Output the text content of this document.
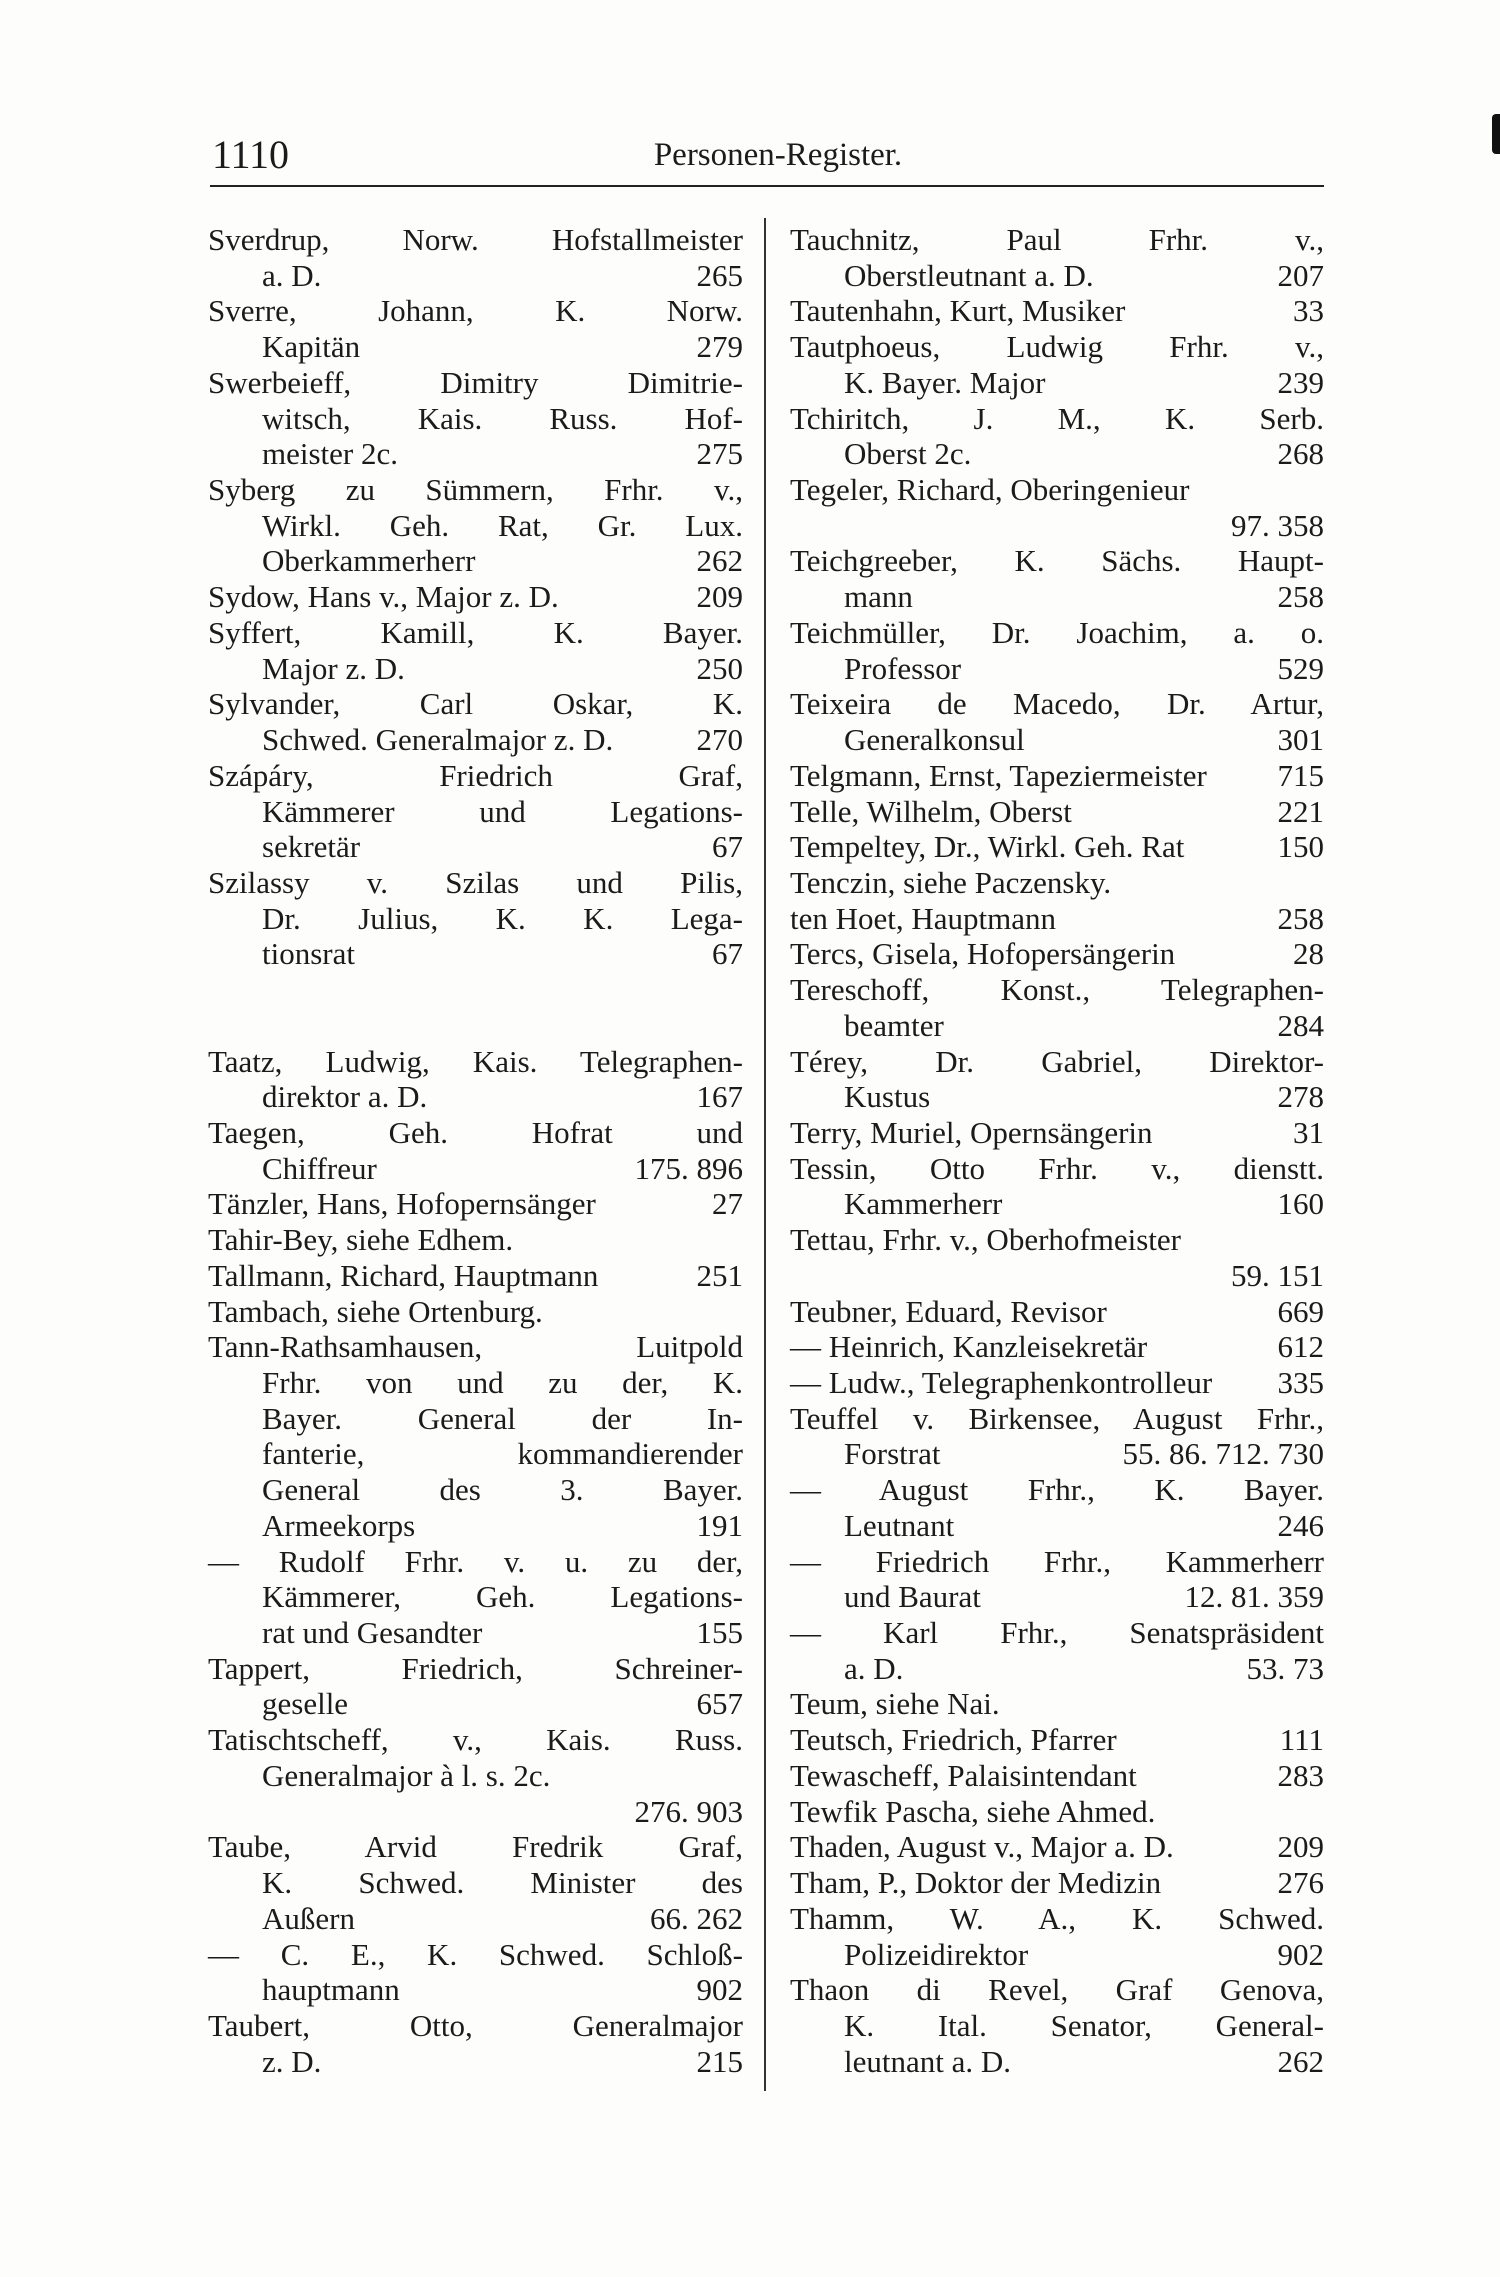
1110	Personen-Register.
Sverdrup, Norw. Hofstallmeister
a. D.	265
Sverre, Johann, K. Norw.
Kapitän	279
Swerbeieff, Dimitry Dimitrie-
witsch, Kais. Russ. Hof-
meister 2c.	275
Syberg zu Sümmern, Frhr. v.,
Wirkl. Geh. Rat, Gr. Lux.
Oberkammerherr	262
Sydow, Hans v., Major z. D.	209
Syffert, Kamill, K. Bayer.
Major z. D.	250
Sylvander, Carl Oskar, K.
Schwed. Generalmajor z. D.	270
Szápáry, Friedrich Graf,
Kämmerer und Legations-
sekretär	67
Szilassy v. Szilas und Pilis,
Dr. Julius, K. K. Lega-
tionsrat	67
Taatz, Ludwig, Kais. Telegraphen-
direktor a. D.	167
Taegen, Geh. Hofrat und
Chiffreur	175. 896
Tänzler, Hans, Hofopernsänger	27
Tahir-Bey, siehe Edhem.
Tallmann, Richard, Hauptmann	251
Tambach, siehe Ortenburg.
Tann-Rathsamhausen, Luitpold
Frhr. von und zu der, K.
Bayer. General der In-
fanterie, kommandierender
General des 3. Bayer.
Armeekorps	191
— Rudolf Frhr. v. u. zu der,
Kämmerer, Geh. Legations-
rat und Gesandter	155
Tappert, Friedrich, Schreiner-
geselle	657
Tatischtscheff, v., Kais. Russ.
Generalmajor à l. s. 2c.
276. 903
Taube, Arvid Fredrik Graf,
K. Schwed. Minister des
Außern	66. 262
— C. E., K. Schwed. Schloß-
hauptmann	902
Taubert, Otto, Generalmajor
z. D.	215
Tauchnitz, Paul Frhr. v.,
Oberstleutnant a. D.	207
Tautenhahn, Kurt, Musiker	33
Tautphoeus, Ludwig Frhr. v.,
K. Bayer. Major	239
Tchiritch, J. M., K. Serb.
Oberst 2c.	268
Tegeler, Richard, Oberingenieur
97. 358
Teichgreeber, K. Sächs. Haupt-
mann	258
Teichmüller, Dr. Joachim, a. o.
Professor	529
Teixeira de Macedo, Dr. Artur,
Generalkonsul	301
Telgmann, Ernst, Tapeziermeister	715
Telle, Wilhelm, Oberst	221
Tempeltey, Dr., Wirkl. Geh. Rat	150
Tenczin, siehe Paczensky.
ten Hoet, Hauptmann	258
Tercs, Gisela, Hofopersängerin	28
Tereschoff, Konst., Telegraphen-
beamter	284
Térey, Dr. Gabriel, Direktor-
Kustus	278
Terry, Muriel, Opernsängerin	31
Tessin, Otto Frhr. v., dienstt.
Kammerherr	160
Tettau, Frhr. v., Oberhofmeister
59. 151
Teubner, Eduard, Revisor	669
— Heinrich, Kanzleisekretär	612
— Ludw., Telegraphenkontrolleur	335
Teuffel v. Birkensee, August Frhr.,
Forstrat	55. 86. 712. 730
— August Frhr., K. Bayer.
Leutnant	246
— Friedrich Frhr., Kammerherr
und Baurat	12. 81. 359
— Karl Frhr., Senatspräsident
a. D.	53. 73
Teum, siehe Nai.
Teutsch, Friedrich, Pfarrer	111
Tewascheff, Palaisintendant	283
Tewfik Pascha, siehe Ahmed.
Thaden, August v., Major a. D.	209
Tham, P., Doktor der Medizin	276
Thamm, W. A., K. Schwed.
Polizeidirektor	902
Thaon di Revel, Graf Genova,
K. Ital. Senator, General-
leutnant a. D.	262
